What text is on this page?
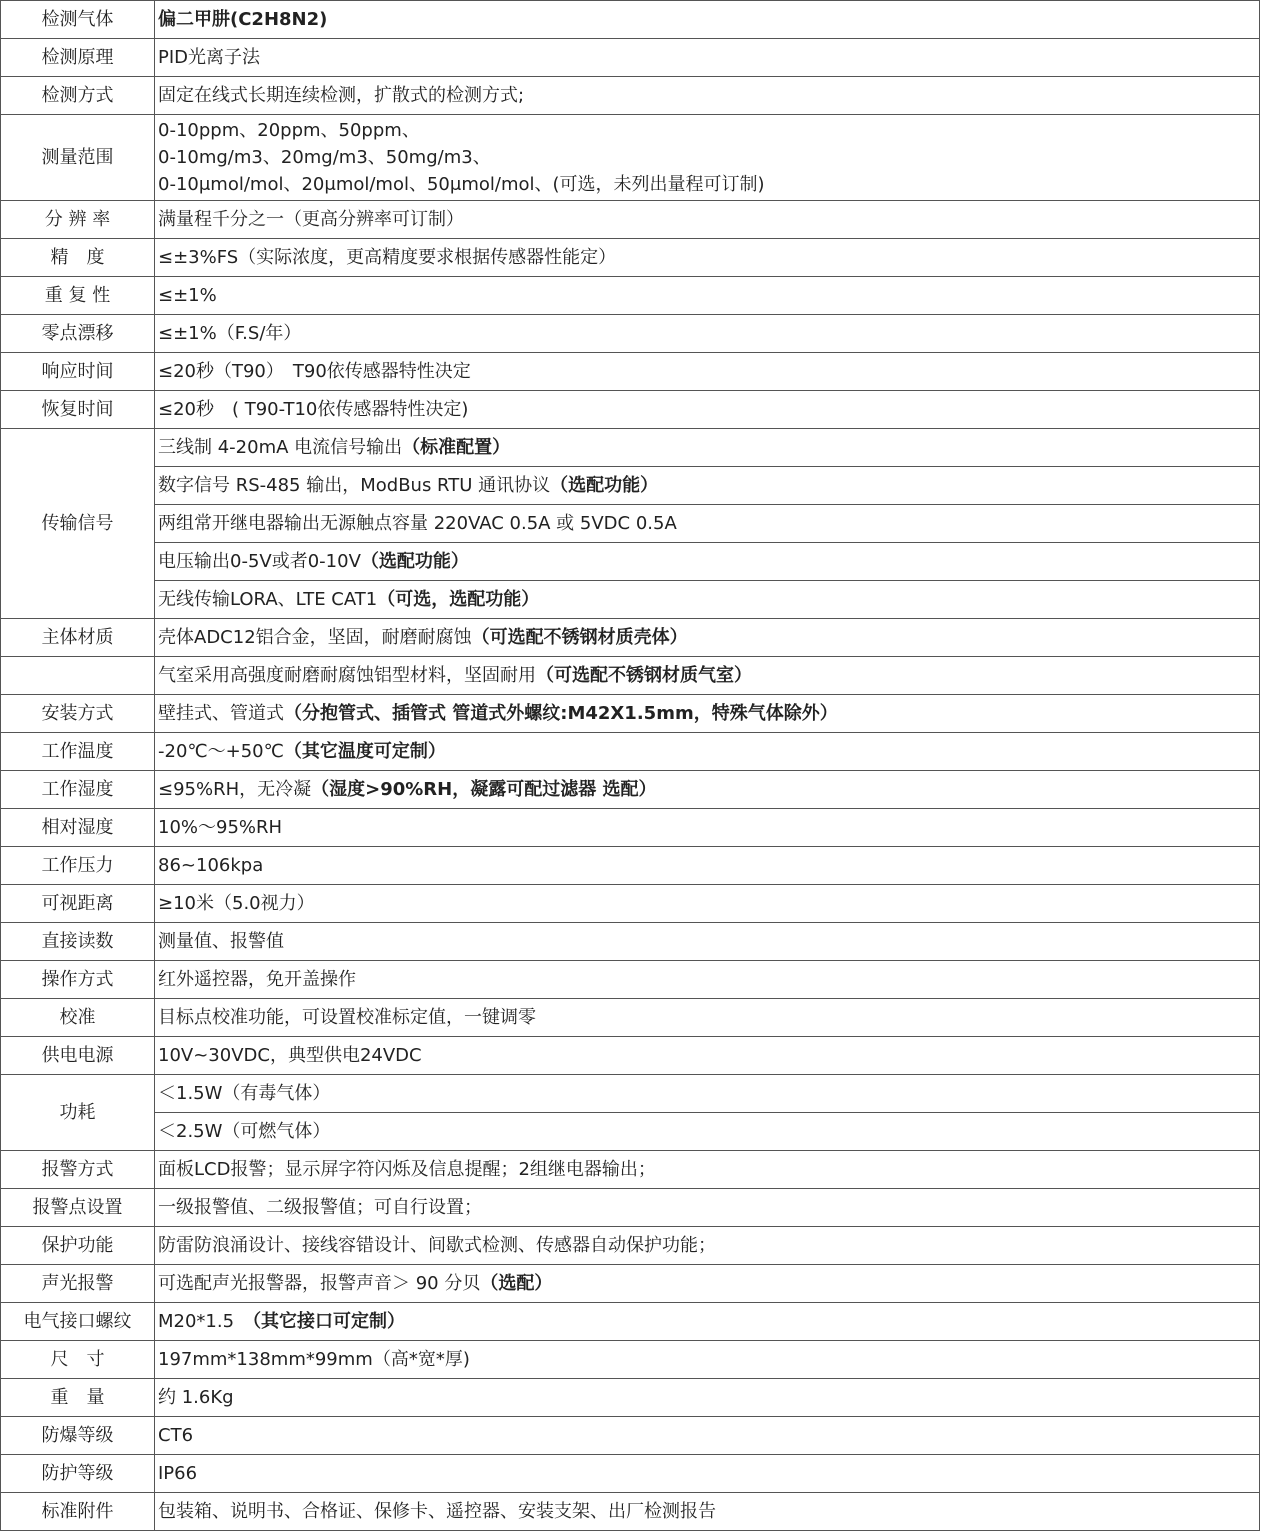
检测气体	偏二甲肼(C2H8N2)
检测原理	PID光离子法
检测方式	固定在线式长期连续检测，扩散式的检测方式;
测量范围	0-10ppm、20ppm、50ppm、
0-10mg/m3、20mg/m3、50mg/m3、
0-10μmol/mol、20μmol/mol、50μmol/mol、(可选，未列出量程可订制)

分 辨 率	满量程千分之一（更高分辨率可订制）
精　度	≤±3%FS（实际浓度，更高精度要求根据传感器性能定）
重 复 性	≤±1%
零点漂移	≤±1%（F.S/年）
响应时间	≤20秒（T90）　T90依传感器特性决定
恢复时间	≤20秒　( T90-T10依传感器特性决定)
传输信号	三线制 4-20mA 电流信号输出（标准配置）
	数字信号 RS-485 输出，ModBus RTU 通讯协议（选配功能）
	两组常开继电器输出无源触点容量 220VAC 0.5A 或 5VDC 0.5A
	电压输出0-5V或者0-10V（选配功能）
	无线传输LORA、LTE CAT1（可选，选配功能）
主体材质	壳体ADC12铝合金，坚固，耐磨耐腐蚀（可选配不锈钢材质壳体）
	气室采用高强度耐磨耐腐蚀铝型材料，坚固耐用（可选配不锈钢材质气室）
安装方式	壁挂式、管道式（分抱管式、插管式 管道式外螺纹:M42X1.5mm，特殊气体除外）
工作温度	-20℃～+50℃（其它温度可定制）
工作湿度	≤95%RH，无冷凝（湿度>90%RH，凝露可配过滤器 选配）
相对湿度	10%～95%RH
工作压力	86~106kpa
可视距离	≥10米（5.0视力）
直接读数	测量值、报警值
操作方式	红外遥控器，免开盖操作
校准	目标点校准功能，可设置校准标定值，一键调零
供电电源	10V~30VDC，典型供电24VDC
功耗	＜1.5W（有毒气体）
	＜2.5W（可燃气体）
报警方式	面板LCD报警；显示屏字符闪烁及信息提醒；2组继电器输出；
报警点设置	一级报警值、二级报警值；可自行设置；
保护功能	防雷防浪涌设计、接线容错设计、间歇式检测、传感器自动保护功能；
声光报警	可选配声光报警器，报警声音＞ 90 分贝（选配）
电气接口螺纹	M20*1.5　（其它接口可定制）
尺　寸	197mm*138mm*99mm（高*宽*厚)
重　量	约 1.6Kg
防爆等级	CT6
防护等级	IP66
标准附件	包装箱、说明书、合格证、保修卡、遥控器、安装支架、出厂检测报告
